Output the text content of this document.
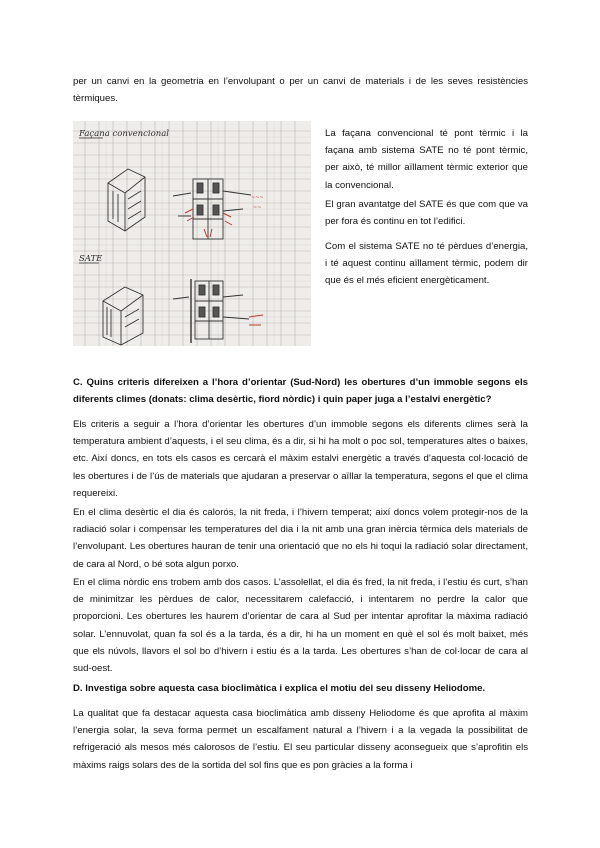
per un canvi en la geometria en l’envolupant o per un canvi de materials i de les seves resistències tèrmiques.

Façana convencional
~~~
~~
SATE

La façana convencional té pont tèrmic i la façana amb sistema SATE no té pont tèrmic, per això, té millor aïllament tèrmic exterior que la convencional.

El gran avantatge del SATE és que com que va per fora és continu en tot l’edifici.

Com el sistema SATE no té pèrdues d’energia, i té aquest continu aïllament tèrmic, podem dir que és el més eficient energèticament.

C. Quins criteris difereixen a l’hora d’orientar (Sud-Nord) les obertures d’un immoble segons els diferents climes (donats: clima desèrtic, fiord nòrdic) i quin paper juga a l’estalvi energètic?

Els criteris a seguir a l’hora d’orientar les obertures d’un immoble segons els diferents climes serà la temperatura ambient d’aquests, i el seu clima, és a dir, si hi ha molt o poc sol, temperatures altes o baixes, etc. Així doncs, en tots els casos es cercarà el màxim estalvi energètic a través d’aquesta col·locació de les obertures i de l’ús de materials que ajudaran a preservar o aïllar la temperatura, segons el que el clima requereixi.

En el clima desèrtic el dia és calorós, la nit freda, i l’hivern temperat; així doncs volem protegir-nos de la radiació solar i compensar les temperatures del dia i la nit amb una gran inèrcia tèrmica dels materials de l’envolupant. Les obertures hauran de tenir una orientació que no els hi toqui la radiació solar directament, de cara al Nord, o bé sota algun porxo.

En el clima nòrdic ens trobem amb dos casos. L’assolellat, el dia és fred, la nit freda, i l’estiu és curt, s’han de minimitzar les pèrdues de calor, necessitarem calefacció, i intentarem no perdre la calor que proporcioni. Les obertures les haurem d’orientar de cara al Sud per intentar aprofitar la màxima radiació solar. L’ennuvolat, quan fa sol és a la tarda, és a dir, hi ha un moment en què el sol és molt baixet, més que els núvols, llavors el sol bo d’hivern i estiu és a la tarda. Les obertures s’han de col·locar de cara al sud-oest.

D. Investiga sobre aquesta casa bioclimàtica i explica el motiu del seu disseny Heliodome.

La qualitat que fa destacar aquesta casa bioclimàtica amb disseny Heliodome és que aprofita al màxim l’energia solar, la seva forma permet un escalfament natural a l’hivern i a la vegada la possibilitat de refrigeració als mesos més calorosos de l’estiu. El seu particular disseny aconsegueix que s’aprofitin els màxims raigs solars des de la sortida del sol fins que es pon gràcies a la forma i
